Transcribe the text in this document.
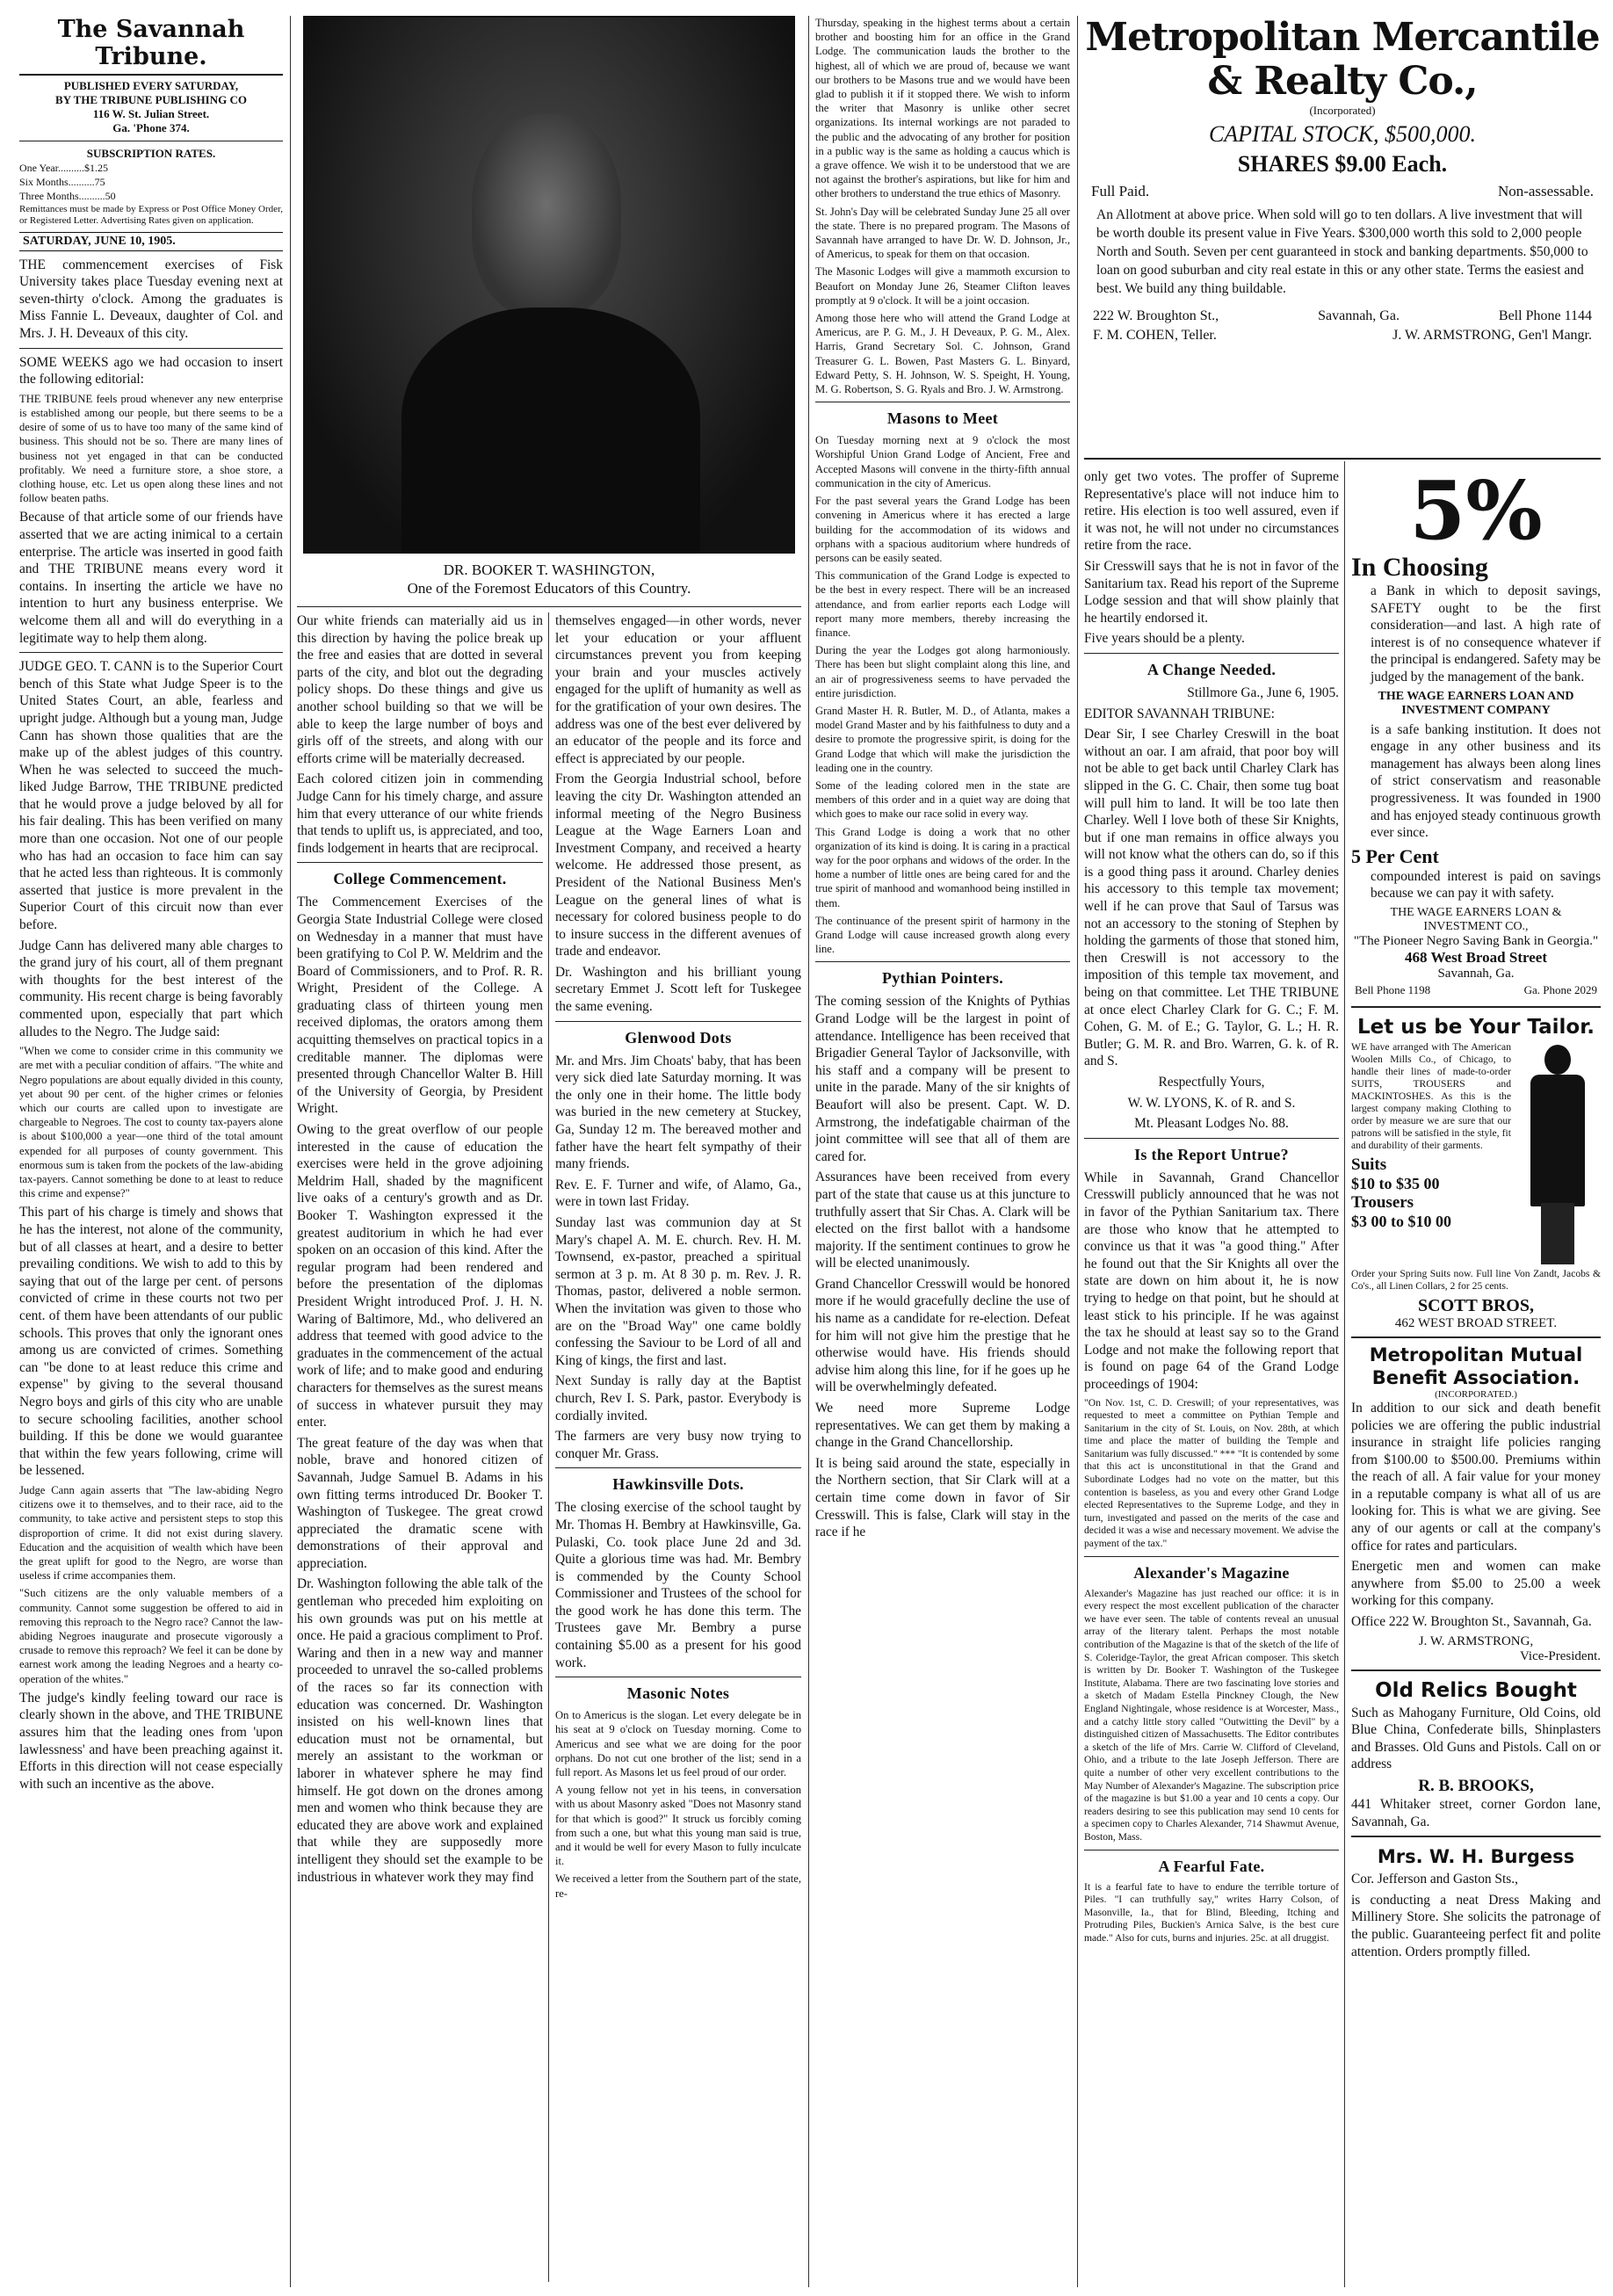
The Savannah Tribune.
PUBLISHED EVERY SATURDAY,
BY THE TRIBUNE PUBLISHING CO
116 W. St. Julian Street.
Ga. 'Phone 374.
SUBSCRIPTION RATES.
One Year..........$1.25
Six Months..........75
Three Months..........50

Remittances must be made by Express or Post Office Money Order, or Registered Letter. Advertising Rates given on application.

SATURDAY, JUNE 10, 1905.

THE commencement exercises of Fisk University takes place Tuesday evening next at seven-thirty o'clock. Among the graduates is Miss Fannie L. Deveaux, daughter of Col. and Mrs. J. H. Deveaux of this city.

SOME WEEKS ago we had occasion to insert the following editorial:

THE TRIBUNE feels proud whenever any new enterprise is established among our people, but there seems to be a desire of some of us to have too many of the same kind of business. This should not be so. There are many lines of business not yet engaged in that can be conducted profitably. We need a furniture store, a shoe store, a clothing house, etc. Let us open along these lines and not follow beaten paths.

Because of that article some of our friends have asserted that we are acting inimical to a certain enterprise. The article was inserted in good faith and THE TRIBUNE means every word it contains. In inserting the article we have no intention to hurt any business enterprise. We welcome them all and will do everything in a legitimate way to help them along.

JUDGE GEO. T. CANN is to the Superior Court bench of this State what Judge Speer is to the United States Court, an able, fearless and upright judge. Although but a young man, Judge Cann has shown those qualities that are the make up of the ablest judges of this country. When he was selected to succeed the much-liked Judge Barrow, THE TRIBUNE predicted that he would prove a judge beloved by all for his fair dealing. This has been verified on many more than one occasion. Not one of our people who has had an occasion to face him can say that he acted less than righteous. It is commonly asserted that justice is more prevalent in the Superior Court of this circuit now than ever before.

Judge Cann has delivered many able charges to the grand jury of his court, all of them pregnant with thoughts for the best interest of the community. His recent charge is being favorably commented upon, especially that part which alludes to the Negro. The Judge said:

"When we come to consider crime in this community we are met with a peculiar condition of affairs. "The white and Negro populations are about equally divided in this county, yet about 90 per cent. of the higher crimes or felonies which our courts are called upon to investigate are chargeable to Negroes. The cost to county tax-payers alone is about $100,000 a year—one third of the total amount expended for all purposes of county government. This enormous sum is taken from the pockets of the law-abiding tax-payers. Cannot something be done to at least to reduce this crime and expense?"

This part of his charge is timely and shows that he has the interest, not alone of the community, but of all classes at heart, and a desire to better prevailing conditions. We wish to add to this by saying that out of the large per cent. of persons convicted of crime in these courts not two per cent. of them have been attendants of our public schools. This proves that only the ignorant ones among us are convicted of crimes. Something can "be done to at least reduce this crime and expense" by giving to the several thousand Negro boys and girls of this city who are unable to secure schooling facilities, another school building. If this be done we would guarantee that within the few years following, crime will be lessened.

Judge Cann again asserts that "The law-abiding Negro citizens owe it to themselves, and to their race, aid to the community, to take active and persistent steps to stop this disproportion of crime. It did not exist during slavery. Education and the acquisition of wealth which have been the great uplift for good to the Negro, are worse than useless if crime accompanies them.

"Such citizens are the only valuable members of a community. Cannot some suggestion be offered to aid in removing this reproach to the Negro race? Cannot the law-abiding Negroes inaugurate and prosecute vigorously a crusade to remove this reproach? We feel it can be done by earnest work among the leading Negroes and a hearty co-operation of the whites."

The judge's kindly feeling toward our race is clearly shown in the above, and THE TRIBUNE assures him that the leading ones from 'upon lawlessness' and have been preaching against it. Efforts in this direction will not cease especially with such an incentive as the above.

DR. BOOKER T. WASHINGTON,
One of the Foremost Educators of this Country.

Our white friends can materially aid us in this direction by having the police break up the free and easies that are dotted in several parts of the city, and blot out the degrading policy shops. Do these things and give us another school building so that we will be able to keep the large number of boys and girls off of the streets, and along with our efforts crime will be materially decreased.

Each colored citizen join in commending Judge Cann for his timely charge, and assure him that every utterance of our white friends that tends to uplift us, is appreciated, and too, finds lodgement in hearts that are reciprocal.

College Commencement.

The Commencement Exercises of the Georgia State Industrial College were closed on Wednesday in a manner that must have been gratifying to Col P. W. Meldrim and the Board of Commissioners, and to Prof. R. R. Wright, President of the College. A graduating class of thirteen young men received diplomas, the orators among them acquitting themselves on practical topics in a creditable manner. The diplomas were presented through Chancellor Walter B. Hill of the University of Georgia, by President Wright.

Owing to the great overflow of our people interested in the cause of education the exercises were held in the grove adjoining Meldrim Hall, shaded by the magnificent live oaks of a century's growth and as Dr. Booker T. Washington expressed it the greatest auditorium in which he had ever spoken on an occasion of this kind. After the regular program had been rendered and before the presentation of the diplomas President Wright introduced Prof. J. H. N. Waring of Baltimore, Md., who delivered an address that teemed with good advice to the graduates in the commencement of the actual work of life; and to make good and enduring characters for themselves as the surest means of success in whatever pursuit they may enter.

The great feature of the day was when that noble, brave and honored citizen of Savannah, Judge Samuel B. Adams in his own fitting terms introduced Dr. Booker T. Washington of Tuskegee. The great crowd appreciated the dramatic scene with demonstrations of their approval and appreciation.

Dr. Washington following the able talk of the gentleman who preceded him exploiting on his own grounds was put on his mettle at once. He paid a gracious compliment to Prof. Waring and then in a new way and manner proceeded to unravel the so-called problems of the races so far its connection with education was concerned. Dr. Washington insisted on his well-known lines that education must not be ornamental, but merely an assistant to the workman or laborer in whatever sphere he may find himself. He got down on the drones among men and women who think because they are educated they are above work and explained that while they are supposedly more intelligent they should set the example to be industrious in whatever work they may find

themselves engaged—in other words, never let your education or your affluent circumstances prevent you from keeping your brain and your muscles actively engaged for the uplift of humanity as well as for the gratification of your own desires. The address was one of the best ever delivered by an educator of the people and its force and effect is appreciated by our people.

From the Georgia Industrial school, before leaving the city Dr. Washington attended an informal meeting of the Negro Business League at the Wage Earners Loan and Investment Company, and received a hearty welcome. He addressed those present, as President of the National Business Men's League on the general lines of what is necessary for colored business people to do to insure success in the different avenues of trade and endeavor.

Dr. Washington and his brilliant young secretary Emmet J. Scott left for Tuskegee the same evening.

Glenwood Dots

Mr. and Mrs. Jim Choats' baby, that has been very sick died late Saturday morning. It was the only one in their home. The little body was buried in the new cemetery at Stuckey, Ga, Sunday 12 m. The bereaved mother and father have the heart felt sympathy of their many friends.

Rev. E. F. Turner and wife, of Alamo, Ga., were in town last Friday.

Sunday last was communion day at St Mary's chapel A. M. E. church. Rev. H. M. Townsend, ex-pastor, preached a spiritual sermon at 3 p. m. At 8 30 p. m. Rev. J. R. Thomas, pastor, delivered a noble sermon. When the invitation was given to those who are on the "Broad Way" one came boldly confessing the Saviour to be Lord of all and King of kings, the first and last.

Next Sunday is rally day at the Baptist church, Rev I. S. Park, pastor. Everybody is cordially invited.

The farmers are very busy now trying to conquer Mr. Grass.

Hawkinsville Dots.

The closing exercise of the school taught by Mr. Thomas H. Bembry at Hawkinsville, Ga. Pulaski, Co. took place June 2d and 3d. Quite a glorious time was had. Mr. Bembry is commended by the County School Commissioner and Trustees of the school for the good work he has done this term. The Trustees gave Mr. Bembry a purse containing $5.00 as a present for his good work.

Masonic Notes

On to Americus is the slogan. Let every delegate be in his seat at 9 o'clock on Tuesday morning. Come to Americus and see what we are doing for the poor orphans. Do not cut one brother of the list; send in a full report. As Masons let us feel proud of our order.

A young fellow not yet in his teens, in conversation with us about Masonry asked "Does not Masonry stand for that which is good?" It struck us forcibly coming from such a one, but what this young man said is true, and it would be well for every Mason to fully inculcate it.

We received a letter from the Southern part of the state, re-

Thursday, speaking in the highest terms about a certain brother and boosting him for an office in the Grand Lodge. The communication lauds the brother to the highest, all of which we are proud of, because we want our brothers to be Masons true and we would have been glad to publish it if it stopped there. We wish to inform the writer that Masonry is unlike other secret organizations. Its internal workings are not paraded to the public and the advocating of any brother for position in a public way is the same as holding a caucus which is a grave offence. We wish it to be understood that we are not against the brother's aspirations, but like for him and other brothers to understand the true ethics of Masonry.

St. John's Day will be celebrated Sunday June 25 all over the state. There is no prepared program. The Masons of Savannah have arranged to have Dr. W. D. Johnson, Jr., of Americus, to speak for them on that occasion.

The Masonic Lodges will give a mammoth excursion to Beaufort on Monday June 26, Steamer Clifton leaves promptly at 9 o'clock. It will be a joint occasion.

Among those here who will attend the Grand Lodge at Americus, are P. G. M., J. H Deveaux, P. G. M., Alex. Harris, Grand Secretary Sol. C. Johnson, Grand Treasurer G. L. Bowen, Past Masters G. L. Binyard, Edward Petty, S. H. Johnson, W. S. Speight, H. Young, M. G. Robertson, S. G. Ryals and Bro. J. W. Armstrong.

Masons to Meet

On Tuesday morning next at 9 o'clock the most Worshipful Union Grand Lodge of Ancient, Free and Accepted Masons will convene in the thirty-fifth annual communication in the city of Americus.

For the past several years the Grand Lodge has been convening in Americus where it has erected a large building for the accommodation of its widows and orphans with a spacious auditorium where hundreds of persons can be easily seated.

This communication of the Grand Lodge is expected to be the best in every respect. There will be an increased attendance, and from earlier reports each Lodge will report many more members, thereby increasing the finance.

During the year the Lodges got along harmoniously. There has been but slight complaint along this line, and an air of progressiveness seems to have pervaded the entire jurisdiction.

Grand Master H. R. Butler, M. D., of Atlanta, makes a model Grand Master and by his faithfulness to duty and a desire to promote the progressive spirit, is doing for the Grand Lodge that which will make the jurisdiction the leading one in the country.

Some of the leading colored men in the state are members of this order and in a quiet way are doing that which goes to make our race solid in every way.

This Grand Lodge is doing a work that no other organization of its kind is doing. It is caring in a practical way for the poor orphans and widows of the order. In the home a number of little ones are being cared for and the true spirit of manhood and womanhood being instilled in them.

The continuance of the present spirit of harmony in the Grand Lodge will cause increased growth along every line.

Pythian Pointers.

The coming session of the Knights of Pythias Grand Lodge will be the largest in point of attendance. Intelligence has been received that Brigadier General Taylor of Jacksonville, with his staff and a company will be present to unite in the parade. Many of the sir knights of Beaufort will also be present. Capt. W. D. Armstrong, the indefatigable chairman of the joint committee will see that all of them are cared for.

Assurances have been received from every part of the state that cause us at this juncture to truthfully assert that Sir Chas. A. Clark will be elected on the first ballot with a handsome majority. If the sentiment continues to grow he will be elected unanimously.

Grand Chancellor Cresswill would be honored more if he would gracefully decline the use of his name as a candidate for re-election. Defeat for him will not give him the prestige that he otherwise would have. His friends should advise him along this line, for if he goes up he will be overwhelmingly defeated.

We need more Supreme Lodge representatives. We can get them by making a change in the Grand Chancellorship.

It is being said around the state, especially in the Northern section, that Sir Clark will at a certain time come down in favor of Sir Cresswill. This is false, Clark will stay in the race if he

Metropolitan Mercantile & Realty Co.,
(Incorporated)
CAPITAL STOCK, $500,000.
SHARES $9.00 Each.
Full Paid.	Non-assessable.

An Allotment at above price. When sold will go to ten dollars. A live investment that will be worth double its present value in Five Years. $300,000 worth this sold to 2,000 people North and South. Seven per cent guaranteed in stock and banking departments. $50,000 to loan on good suburban and city real estate in this or any other state. Terms the easiest and best. We build any thing buildable.

222 W. Broughton St.,	Savannah, Ga.	Bell Phone 1144
F. M. COHEN, Teller.	J. W. ARMSTRONG, Gen'l Mangr.

only get two votes. The proffer of Supreme Representative's place will not induce him to retire. His election is too well assured, even if it was not, he will not under no circumstances retire from the race.

Sir Cresswill says that he is not in favor of the Sanitarium tax. Read his report of the Supreme Lodge session and that will show plainly that he heartily endorsed it.

Five years should be a plenty.

A Change Needed.

Stillmore Ga., June 6, 1905.

EDITOR SAVANNAH TRIBUNE:

Dear Sir, I see Charley Creswill in the boat without an oar. I am afraid, that poor boy will not be able to get back until Charley Clark has slipped in the G. C. Chair, then some tug boat will pull him to land. It will be too late then Charley. Well I love both of these Sir Knights, but if one man remains in office always you will not know what the others can do, so if this is a good thing pass it around. Charley denies his accessory to this temple tax movement; well if he can prove that Saul of Tarsus was not an accessory to the stoning of Stephen by holding the garments of those that stoned him, then Creswill is not accessory to the imposition of this temple tax movement, and being on that committee. Let THE TRIBUNE at once elect Charley Clark for G. C.; F. M. Cohen, G. M. of E.; G. Taylor, G. L.; H. R. Butler; G. M. R. and Bro. Warren, G. k. of R. and S.

Respectfully Yours,

W. W. LYONS, K. of R. and S.

Mt. Pleasant Lodges No. 88.

Is the Report Untrue?

While in Savannah, Grand Chancellor Cresswill publicly announced that he was not in favor of the Pythian Sanitarium tax. There are those who know that he attempted to convince us that it was "a good thing." After he found out that the Sir Knights all over the state are down on him about it, he is now trying to hedge on that point, but he should at least stick to his principle. If he was against the tax he should at least say so to the Grand Lodge and not make the following report that is found on page 64 of the Grand Lodge proceedings of 1904:

"On Nov. 1st, C. D. Creswill; of your representatives, was requested to meet a committee on Pythian Temple and Sanitarium in the city of St. Louis, on Nov. 28th, at which time and place the matter of building the Temple and Sanitarium was fully discussed." *** "It is contended by some that this act is unconstitutional in that the Grand and Subordinate Lodges had no vote on the matter, but this contention is baseless, as you and every other Grand Lodge elected Representatives to the Supreme Lodge, and they in turn, investigated and passed on the merits of the case and decided it was a wise and necessary movement. We advise the payment of the tax."

Alexander's Magazine

Alexander's Magazine has just reached our office: it is in every respect the most excellent publication of the character we have ever seen. The table of contents reveal an unusual array of the literary talent. Perhaps the most notable contribution of the Magazine is that of the sketch of the life of S. Coleridge-Taylor, the great African composer. This sketch is written by Dr. Booker T. Washington of the Tuskegee Institute, Alabama. There are two fascinating love stories and a sketch of Madam Estella Pinckney Clough, the New England Nightingale, whose residence is at Worcester, Mass., and a catchy little story called "Outwitting the Devil" by a distinguished citizen of Massachusetts. The Editor contributes a sketch of the life of Mrs. Carrie W. Clifford of Cleveland, Ohio, and a tribute to the late Joseph Jefferson. There are quite a number of other very excellent contributions to the May Number of Alexander's Magazine. The subscription price of the magazine is but $1.00 a year and 10 cents a copy. Our readers desiring to see this publication may send 10 cents for a specimen copy to Charles Alexander, 714 Shawmut Avenue, Boston, Mass.

A Fearful Fate.

It is a fearful fate to have to endure the terrible torture of Piles. "I can truthfully say," writes Harry Colson, of Masonville, Ia., that for Blind, Bleeding, Itching and Protruding Piles, Buckien's Arnica Salve, is the best cure made." Also for cuts, burns and injuries. 25c. at all druggist.

5%
In Choosing

a Bank in which to deposit savings, SAFETY ought to be the first consideration—and last. A high rate of interest is of no consequence whatever if the principal is endangered. Safety may be judged by the management of the bank.

THE WAGE EARNERS LOAN AND INVESTMENT COMPANY

is a safe banking institution. It does not engage in any other business and its management has always been along lines of strict conservatism and reasonable progressiveness. It was founded in 1900 and has enjoyed steady continuous growth ever since.

5 Per Cent

compounded interest is paid on savings because we can pay it with safety.

THE WAGE EARNERS LOAN & INVESTMENT CO.,
"The Pioneer Negro Saving Bank in Georgia."
468 West Broad Street
Savannah, Ga.
Bell Phone 1198	Ga. Phone 2029
Let us be Your Tailor.

WE have arranged with The American Woolen Mills Co., of Chicago, to handle their lines of made-to-order SUITS, TROUSERS and MACKINTOSHES. As this is the largest company making Clothing to order by measure we are sure that our patrons will be satisfied in the style, fit and durability of their garments.

Suits
$10 to $35 00
Trousers
$3 00 to $10 00

Order your Spring Suits now. Full line Von Zandt, Jacobs & Co's., all Linen Collars, 2 for 25 cents.

SCOTT BROS,
462 WEST BROAD STREET.
Metropolitan Mutual Benefit Association.
(INCORPORATED.)

In addition to our sick and death benefit policies we are offering the public industrial insurance in straight life policies ranging from $100.00 to $500.00. Premiums within the reach of all. A fair value for your money in a reputable company is what all of us are looking for. This is what we are giving. See any of our agents or call at the company's office for rates and particulars.

Energetic men and women can make anywhere from $5.00 to 25.00 a week working for this company.

Office 222 W. Broughton St., Savannah, Ga.

J. W. ARMSTRONG,
Vice-President.
Old Relics Bought

Such as Mahogany Furniture, Old Coins, old Blue China, Confederate bills, Shinplasters and Brasses. Old Guns and Pistols. Call on or address

R. B. BROOKS,

441 Whitaker street, corner Gordon lane, Savannah, Ga.

Mrs. W. H. Burgess

Cor. Jefferson and Gaston Sts.,

is conducting a neat Dress Making and Millinery Store. She solicits the patronage of the public. Guaranteeing perfect fit and polite attention. Orders promptly filled.
